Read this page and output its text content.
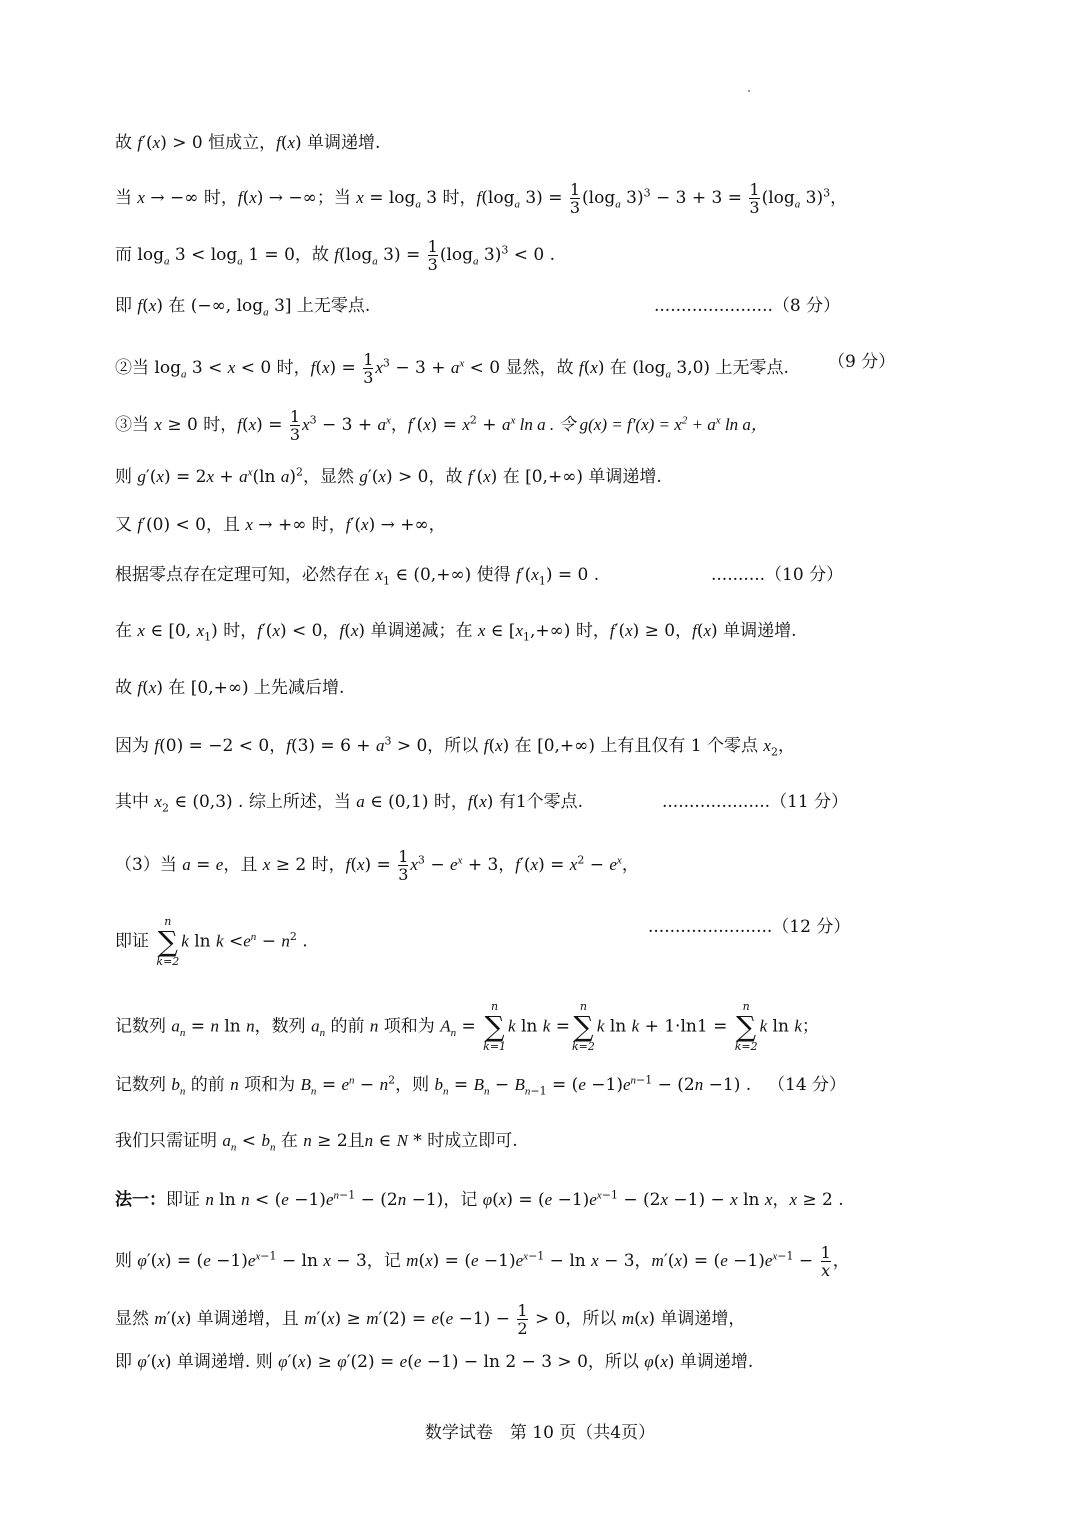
故 f′(x) > 0 恒成立，f(x) 单调递增.
当 x → −∞ 时，f(x) → −∞；当 $x = \log_a 3$ 时，$f(\log_a$ $3) = \frac{1}{3} (\log_a$ $3)^3 - 3 + 3 = \frac{1}{3} (\log_a$ 3)$^3$，
而 $\log_a 3 < \log_a 1 = 0$，故 $f(\log_a$ $3) = \frac{1}{3} (\log_a$ 3)$^3$ < 0 .
即 f(x) 在 (−∞, $\log_a 3$] 上无零点.	......................（8 分）
②当 $\log_a 3 < x < 0$ 时，$f(x) = \frac{1}{3} x^3 - 3 + a^x < 0$ 显然，故 f(x) 在 ($\log_a$ 3,0) 上无零点. （9 分）
③当 x ≥ 0 时，$f(x) = \frac{1}{3} x^3 - 3 + a^x$，$f'(x) = x^2 + a^x$ ln a . 令 $g(x) = f'(x) = x^2 + a^x$ ln a，
则 $g'(x) = 2x + a^x(\ln$ a)$^2$，显然 g′(x) > 0，故 f′(x) 在 [0,+∞) 单调递增.
又 f′(0) < 0，且 x → +∞ 时，f′(x) → +∞，
根据零点存在定理可知，必然存在 $x_1$ ∈ (0,+∞) 使得 $f'(x_1) = 0$ .	..........（10 分）
在 x ∈ [0, $x_1$) 时，f′(x) < 0，f(x) 单调递减；在 x ∈ $[x_1,+\infty)$ 时，f′(x) ≥ 0，f(x) 单调递增.
故 f(x) 在 [0,+∞) 上先减后增.
因为 f(0) = −2 < 0，$f(3) = 6 + a^3 > 0$，所以 f(x) 在 [0,+∞) 上有且仅有 1 个零点 $x_2$，
其中 $x_2$ ∈ (0,3) . 综上所述，当 a ∈ (0,1) 时，f(x) 有1个零点.	....................（11 分）
（3）当 a = e，且 x ≥ 2 时，$f(x) = \frac{1}{3} x^3 - e^x + 3$，$f'(x) = x^2 - e^x$，
即证
n
∑
k=2
k $\ln k <e^n - n^2$ .
.......................（12 分）
记数列 $a_n = n$ ln n，数列 $a_n$ 的前 n 项和为 $A_n$ =
n
∑
k=1
k ln k =
n
∑
k=2
k ln k + 1·ln1 =
n
∑
k=2
k ln k；
记数列 $b_n$ 的前 n 项和为 $B_n = e^n - n^2$，则 $b_n = B_n - B_{n-1} = (e -1)e^{n-1} - (2n -1)$ . （14 分）
我们只需证明 $a_n < b_n$ 在 n ≥ 2且n ∈ N * 时成立即可.
法一：即证 n $\ln n < (e -1)e^{n-1} - (2n -1)$，记 $\varphi(x) = (e -1)e^{x-1} - (2x -1) - x$ ln x，x ≥ 2 .
则 $\varphi'(x) = (e -1)e^{x-1} - \ln x - 3$，记 $m(x) = (e -1)e^{x-1} - \ln x - 3$，$m'(x) = (e -1)e^{x-1} - \frac{1}{x}$ ，
显然 m′(x) 单调递增，且 $m'(x) \ge m'(2) = e(e -1) - \frac{1}{2} > 0$，所以 m(x) 单调递增，
即 φ′(x) 单调递增. 则 φ′(x) ≥ φ′(2) = e(e −1) − ln 2 − 3 > 0，所以 φ(x) 单调递增.
数学试卷　第 10 页（共4页）
